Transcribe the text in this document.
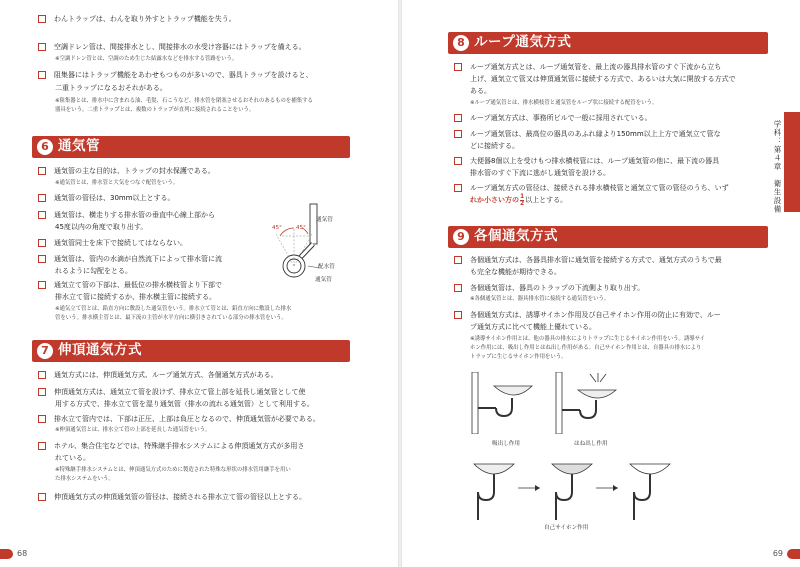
わんトラップは、わんを取り外すとトラップ機能を失う。
空調ドレン管は、間接排水とし、間接排水の水受け容器にはトラップを備える。
※空調ドレン管とは、空調のため生じた結露水などを排水する管路をいう。
阻集器にはトラップ機能をあわせもつものが多いので、器具トラップを設けると、
二重トラップになるおそれがある。
※阻集器とは、排水中に含まれる油、毛髪、石こうなど、排水管を閉塞させるおそれのあるものを捕集する
器具をいう。二重トラップとは、複数のトラップが直列に接続されることをいう。
6 通気管
通気管の主な目的は、トラップの封水保護である。
※通気管とは、排水管と大気をつなぐ配管をいう。
通気管の管径は、30mm以上とする。
通気管は、横走りする排水管の垂直中心線上部から
45度以内の角度で取り出す。
通気管同士を床下で接続してはならない。
通気管は、管内の水滴が自然流下によって排水管に流
れるように勾配をとる。
通気立て管の下部は、最低位の排水横枝管より下部で
排水立て管に接続するか、排水横主管に接続する。
※通気立て管とは、鉛直方向に敷設した通気管をいう。排水立て管とは、鉛直方向に敷設した排水
管をいう。排水横主管とは、最下流の主管が水平方向に横引きされている部分の排水管をいう。
通気管
45°	45°
配水管
通気管
7 伸頂通気方式
通気方式には、伸頂通気方式、ループ通気方式、各個通気方式がある。
伸頂通気方式は、通気立て管を設けず、排水立て管上部を延長し通気管として使
用する方式で、排水立て管を湿り通気管（排水の流れる通気管）として利用する。
排水立て管内では、下部は正圧、上部は負圧となるので、伸頂通気管が必要である。
※伸頂通気管とは、排水立て管の上部を延長した通気管をいう。
ホテル、集合住宅などでは、特殊継手排水システムによる伸頂通気方式が多用さ
れている。
※特殊継手排水システムとは、伸頂通気方式のために製造された特殊な形状の排水管用継手を用い
た排水システムをいう。
伸頂通気方式の伸頂通気管の管径は、接続される排水立て管の管径以上とする。
68
8 ループ通気方式
ループ通気方式とは、ループ通気管を、最上流の器具排水管のすぐ下流から立ち
上げ、通気立て管又は伸頂通気管に接続する方式で、あるいは大気に開放する方式で
ある。
※ループ通気管とは、排水横枝管と通気管をループ状に接続する配管をいう。
ループ通気方式は、事務所ビルで一般に採用されている。
ループ通気管は、最高位の器具のあふれ縁より150mm以上上方で通気立て管な
どに接続する。
大便器8個以上を受けもつ排水横枝管には、ループ通気管の他に、最下流の器具
排水管のすぐ下流に逃がし通気管を設ける。
ループ通気方式の管径は、接続される排水横枝管と通気立て管の管径のうち、いず
れか小さい方の $\frac{1}{2}$ 以上とする。
9 各個通気方式
各個通気方式は、各器具排水管に通気管を接続する方式で、通気方式のうちで最
も完全な機能が期待できる。
各個通気管は、器具のトラップの下流側より取り出す。
※各個通気管とは、器具排水管に接続する通気管をいう。
各個通気方式は、誘導サイホン作用及び自己サイホン作用の防止に有効で、ルー
プ通気方式に比べて機能上優れている。
※誘導サイホン作用とは、他の器具の排水によりトラップに生じるサイホン作用をいう。誘導サイ
ホン作用には、吸出し作用とはね出し作用がある。自己サイホン作用とは、自器具の排水により
トラップに生じるサイホン作用をいう。
吸出し作用	はね出し作用
自己サイホン作用
学科：第４章　衛生設備
69
